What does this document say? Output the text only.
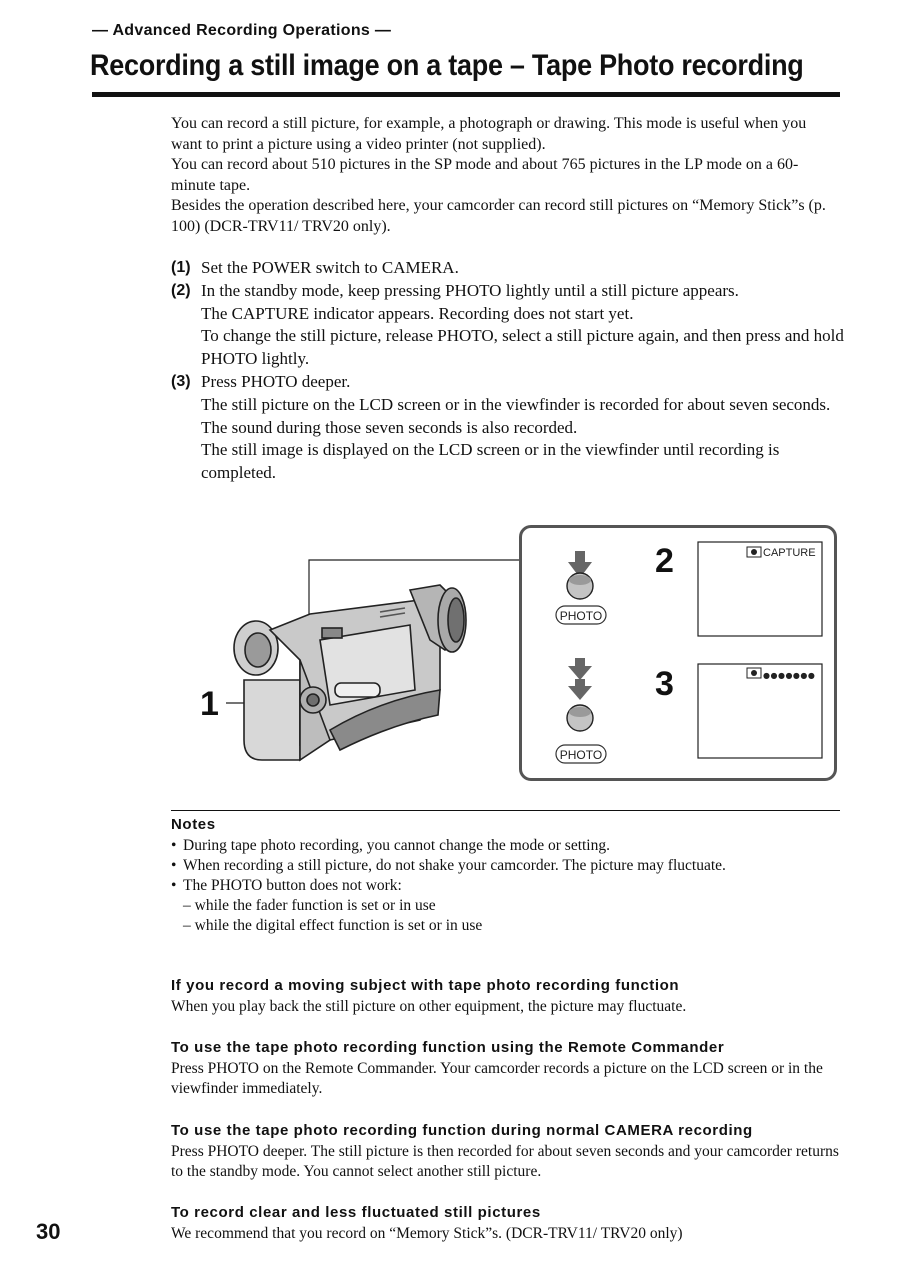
— Advanced Recording Operations —
Recording a still image on a tape – Tape Photo recording

You can record a still picture, for example, a photograph or drawing. This mode is useful when you want to print a picture using a video printer (not supplied).

You can record about 510 pictures in the SP mode and about 765 pictures in the LP mode on a 60-minute tape.

Besides the operation described here, your camcorder can record still pictures on “Memory Stick”s (p. 100) (DCR-TRV11/ TRV20 only).

(1) Set the POWER switch to CAMERA.

(2) In the standby mode, keep pressing PHOTO lightly until a still picture appears.

The CAPTURE indicator appears. Recording does not start yet.

To change the still picture, release PHOTO, select a still picture again, and then press and hold PHOTO lightly.

(3) Press PHOTO deeper.

The still picture on the LCD screen or in the viewfinder is recorded for about seven seconds. The sound during those seven seconds is also recorded.

The still image is displayed on the LCD screen or in the viewfinder until recording is completed.

1
2
3
PHOTO
PHOTO
CAPTURE
●●●●●●●
Notes
• During tape photo recording, you cannot change the mode or setting.
• When recording a still picture, do not shake your camcorder. The picture may fluctuate.
• The PHOTO button does not work:
– while the fader function is set or in use
– while the digital effect function is set or in use
If you record a moving subject with tape photo recording function

When you play back the still picture on other equipment, the picture may fluctuate.

To use the tape photo recording function using the Remote Commander

Press PHOTO on the Remote Commander. Your camcorder records a picture on the LCD screen or in the viewfinder immediately.

To use the tape photo recording function during normal CAMERA recording

Press PHOTO deeper. The still picture is then recorded for about seven seconds and your camcorder returns to the standby mode. You cannot select another still picture.

To record clear and less fluctuated still pictures

We recommend that you record on “Memory Stick”s. (DCR-TRV11/ TRV20 only)

30
